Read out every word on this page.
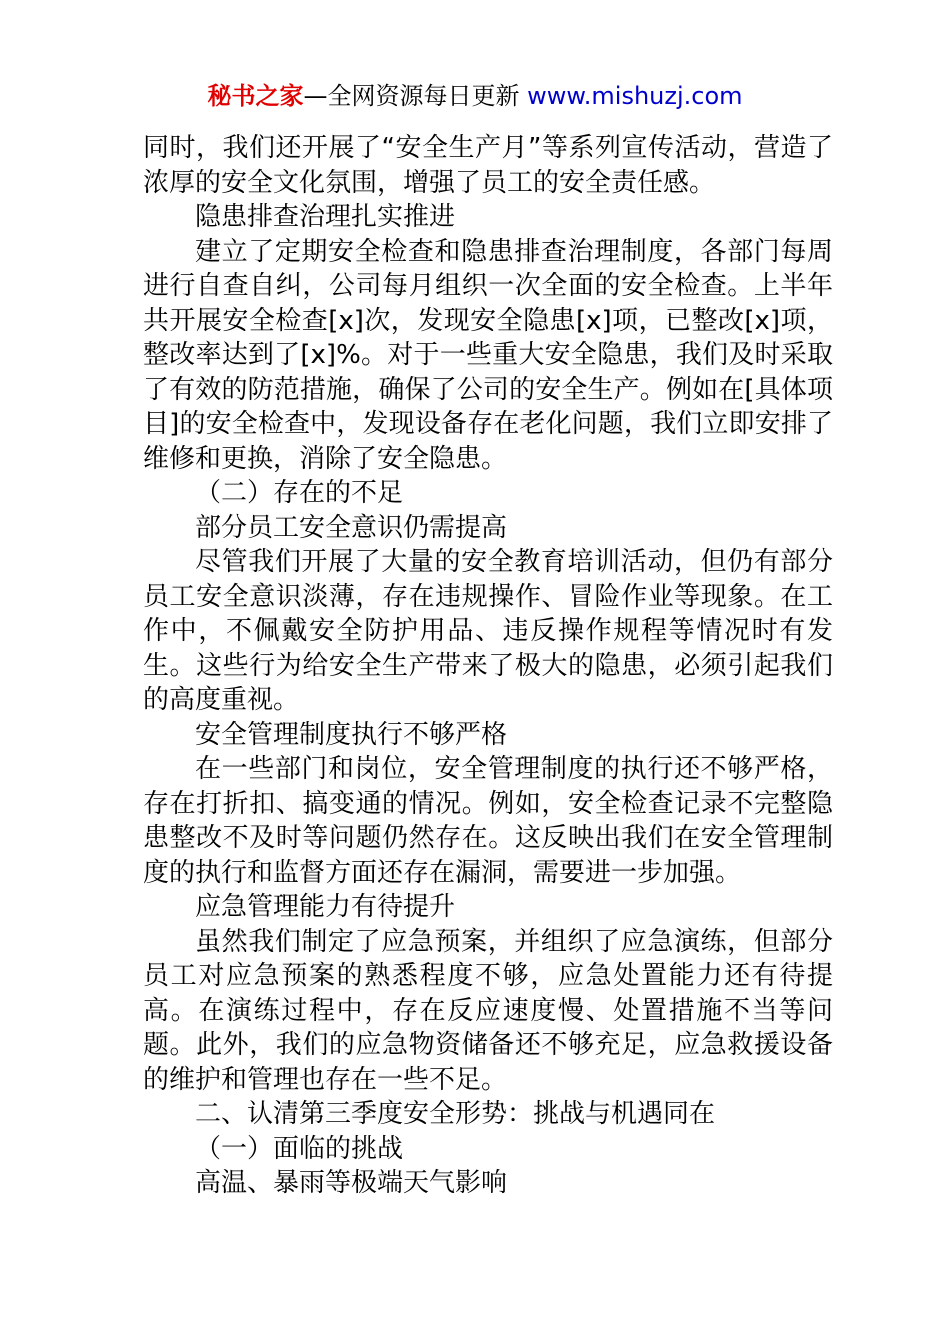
秘书之家—全网资源每日更新 www.mishuzj.com

同时，我们还开展了“安全生产月”等系列宣传活动，营造了浓厚的安全文化氛围，增强了员工的安全责任感。

隐患排查治理扎实推进

建立了定期安全检查和隐患排查治理制度，各部门每周进行自查自纠，公司每月组织一次全面的安全检查。上半年共开展安全检查[x]次，发现安全隐患[x]项，已整改[x]项，整改率达到了[x]%。对于一些重大安全隐患，我们及时采取了有效的防范措施，确保了公司的安全生产。例如在[具体项目]的安全检查中，发现设备存在老化问题，我们立即安排了维修和更换，消除了安全隐患。

（二）存在的不足

部分员工安全意识仍需提高

尽管我们开展了大量的安全教育培训活动，但仍有部分员工安全意识淡薄，存在违规操作、冒险作业等现象。在工作中，不佩戴安全防护用品、违反操作规程等情况时有发生。这些行为给安全生产带来了极大的隐患，必须引起我们的高度重视。

安全管理制度执行不够严格

在一些部门和岗位，安全管理制度的执行还不够严格，存在打折扣、搞变通的情况。例如，安全检查记录不完整隐患整改不及时等问题仍然存在。这反映出我们在安全管理制度的执行和监督方面还存在漏洞，需要进一步加强。

应急管理能力有待提升

虽然我们制定了应急预案，并组织了应急演练，但部分员工对应急预案的熟悉程度不够，应急处置能力还有待提高。在演练过程中，存在反应速度慢、处置措施不当等问题。此外，我们的应急物资储备还不够充足，应急救援设备的维护和管理也存在一些不足。

二、认清第三季度安全形势：挑战与机遇同在

（一）面临的挑战

高温、暴雨等极端天气影响
